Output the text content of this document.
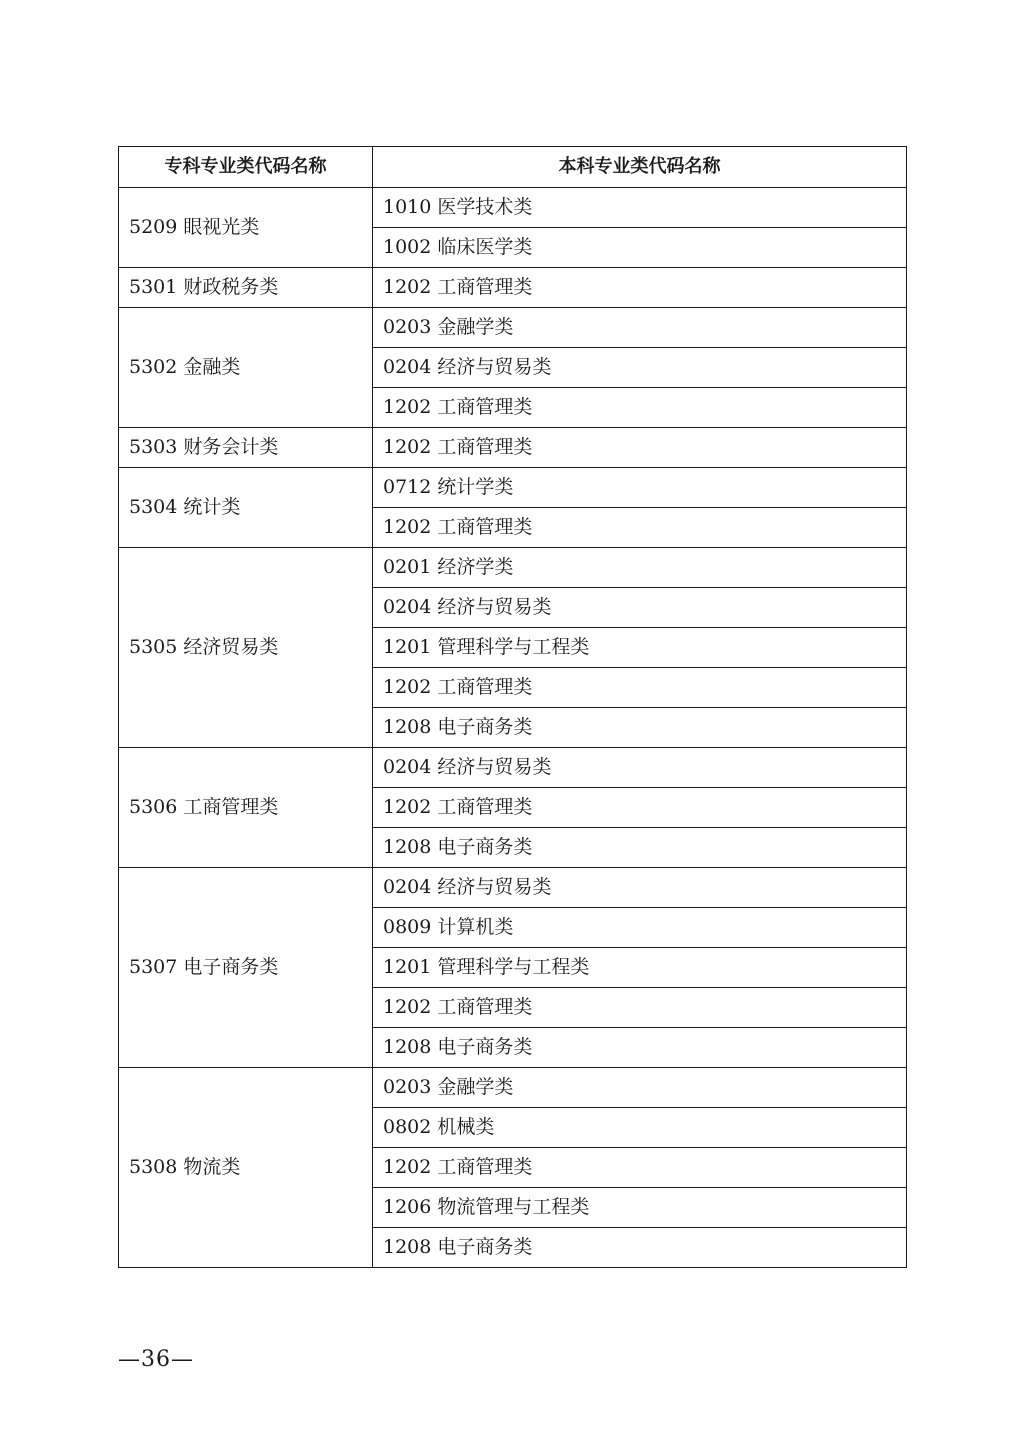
专科专业类代码名称	本科专业类代码名称
5209 眼视光类	1010 医学技术类
	1002 临床医学类
5301 财政税务类	1202 工商管理类
5302 金融类	0203 金融学类
	0204 经济与贸易类
	1202 工商管理类
5303 财务会计类	1202 工商管理类
5304 统计类	0712 统计学类
	1202 工商管理类
5305 经济贸易类	0201 经济学类
	0204 经济与贸易类
	1201 管理科学与工程类
	1202 工商管理类
	1208 电子商务类
5306 工商管理类	0204 经济与贸易类
	1202 工商管理类
	1208 电子商务类
5307 电子商务类	0204 经济与贸易类
	0809 计算机类
	1201 管理科学与工程类
	1202 工商管理类
	1208 电子商务类
5308 物流类	0203 金融学类
	0802 机械类
	1202 工商管理类
	1206 物流管理与工程类
	1208 电子商务类
—36—
